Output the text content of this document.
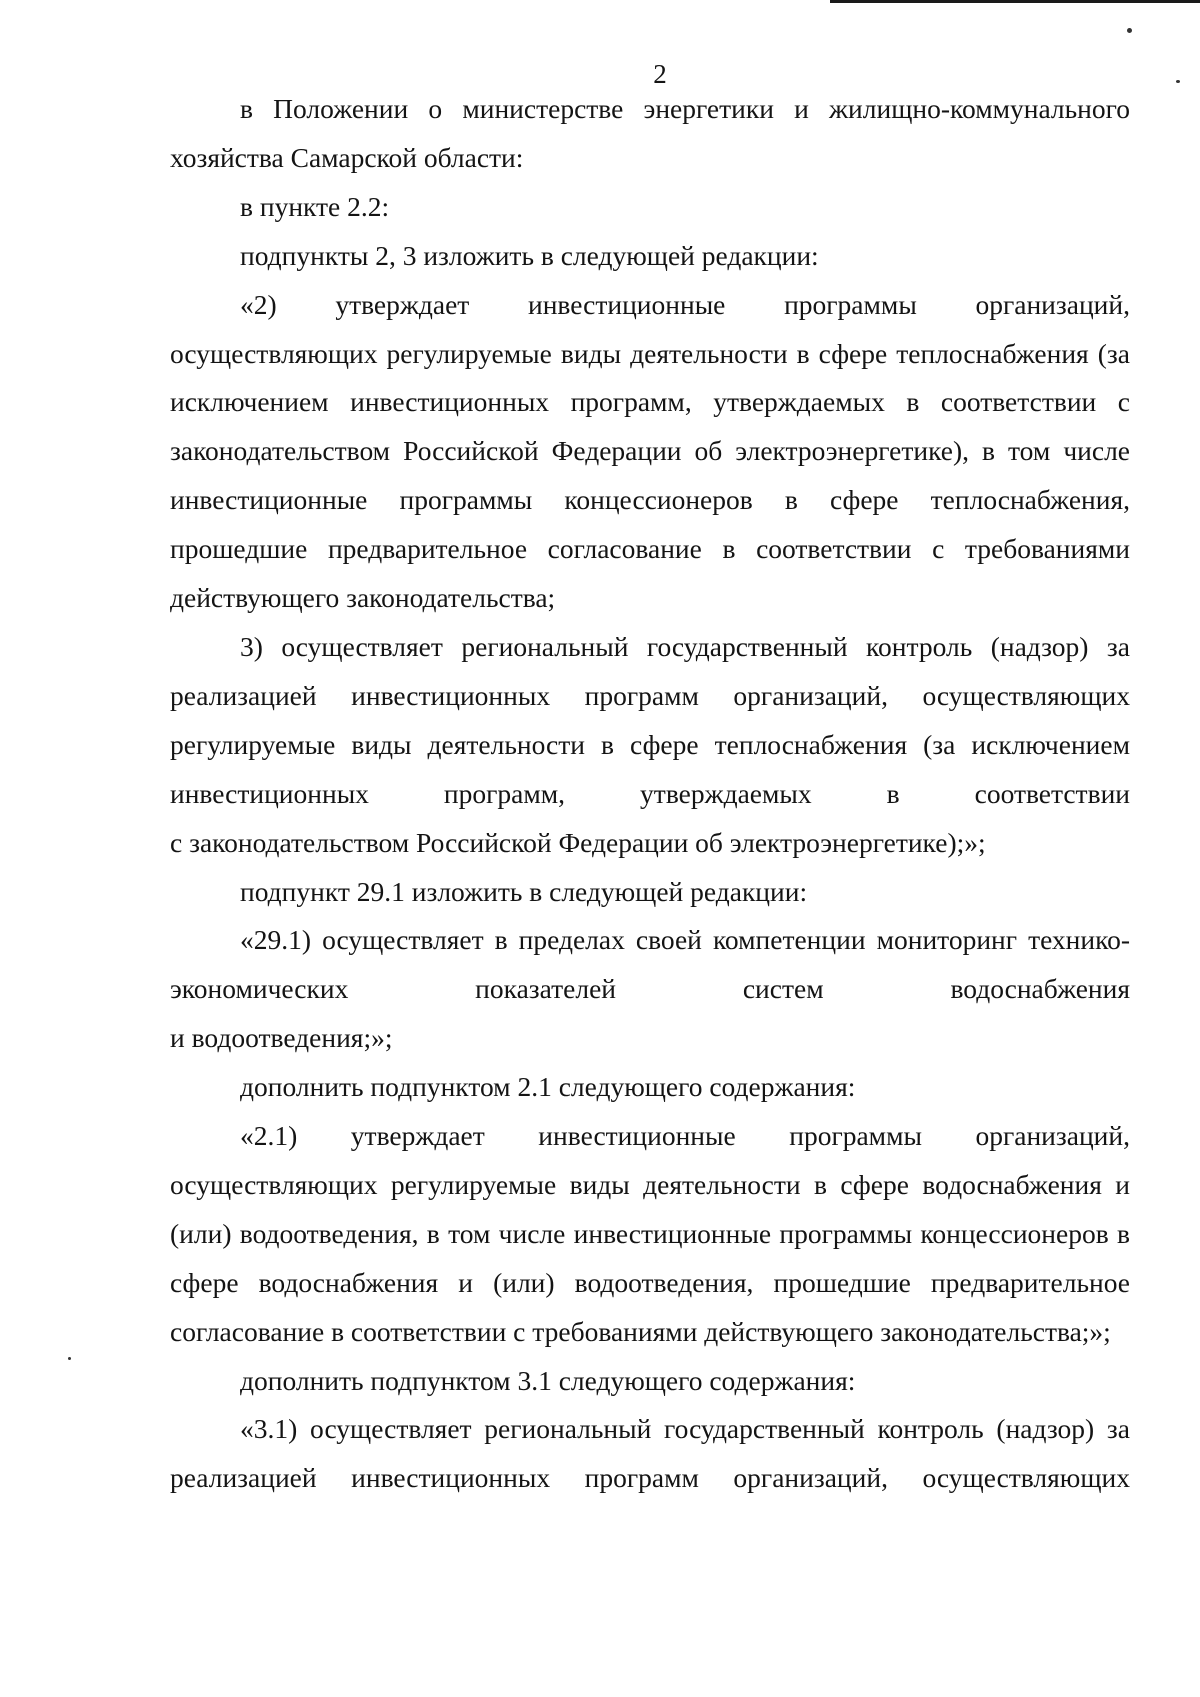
2

в Положении о министерстве энергетики и жилищно-коммунального хозяйства Самарской области:

в пункте 2.2:

подпункты 2, 3 изложить в следующей редакции:

«2) утверждает инвестиционные программы организаций, осуществляющих регулируемые виды деятельности в сфере теплоснабжения (за исключением инвестиционных программ, утверждаемых в соответствии с законодательством Российской Федерации об электроэнергетике), в том числе инвестиционные программы концессионеров в сфере теплоснабжения, прошедшие предварительное согласование в соответствии с требованиями действующего законодательства;

3) осуществляет региональный государственный контроль (надзор) за реализацией инвестиционных программ организаций, осуществляющих регулируемые виды деятельности в сфере теплоснабжения (за исключением

инвестиционных программ, утверждаемых в соответствии

с законодательством Российской Федерации об электроэнергетике);»;

подпункт 29.1 изложить в следующей редакции:

«29.1) осуществляет в пределах своей компетенции мониторинг технико-экономических показателей систем водоснабжения

и водоотведения;»;

дополнить подпунктом 2.1 следующего содержания:

«2.1) утверждает инвестиционные программы организаций, осуществляющих регулируемые виды деятельности в сфере водоснабжения и (или) водоотведения, в том числе инвестиционные программы концессионеров в сфере водоснабжения и (или) водоотведения, прошедшие предварительное согласование в соответствии с требованиями действующего законодательства;»;

дополнить подпунктом 3.1 следующего содержания:

«3.1) осуществляет региональный государственный контроль (надзор) за реализацией инвестиционных программ организаций, осуществляющих
